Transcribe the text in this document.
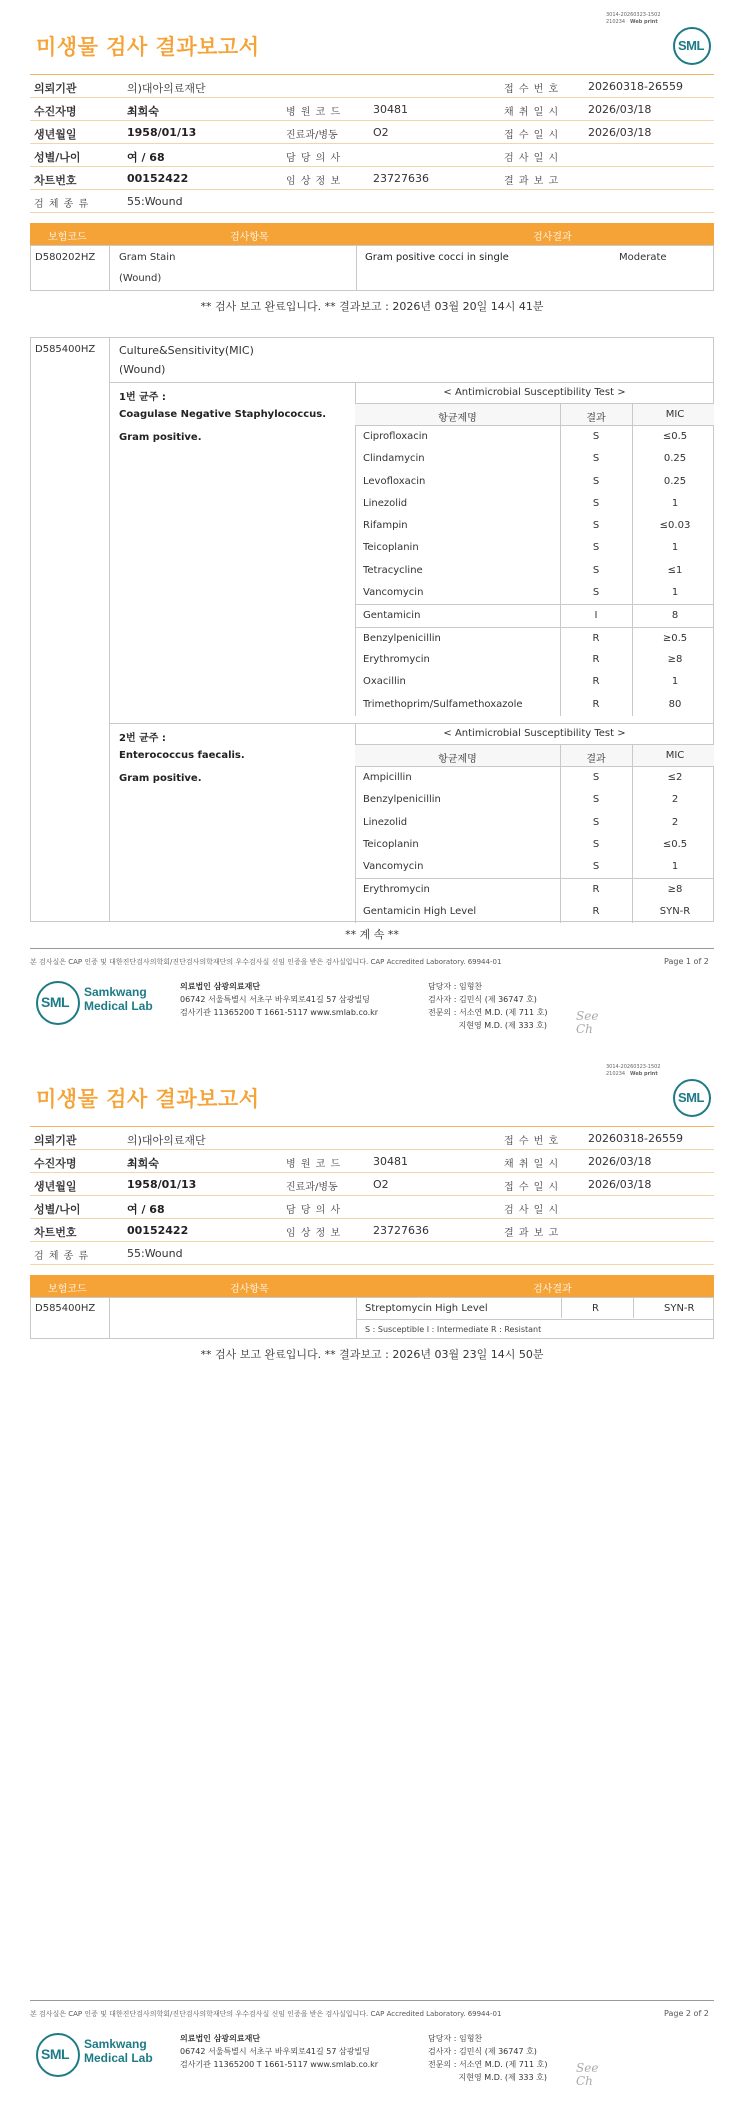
3014-20260323-1502
210234 Web print
미생물 검사 결과보고서	SML
의뢰기관	의)대아의료재단	접 수 번 호	20260318-26559
수진자명	최희숙	병 원 코 드	30481	채 취 일 시	2026/03/18
생년월일	1958/01/13	진료과/병동	O2	접 수 일 시	2026/03/18
성별/나이	여 / 68	담 당 의 사	검 사 일 시
차트번호	00152422	임 상 정 보	23727636	결 과 보 고
검 체 종 류	55:Wound
보험코드	검사항목	검사결과
D580202HZ Gram Stain
(Wound)
Gram positive cocci in single	Moderate
** 검사 보고 완료입니다. ** 결과보고 : 2026년 03월 20일 14시 41분
D585400HZ Culture&Sensitivity(MIC)
(Wound)
1번 균주 :
Coagulase Negative Staphylococcus.
Gram positive.
< Antimicrobial Susceptibility Test >
항균제명	결과	MIC
Ciprofloxacin	S	≤0.5
Clindamycin	S	0.25
Levofloxacin	S	0.25
Linezolid	S	1
Rifampin	S	≤0.03
Teicoplanin	S	1
Tetracycline	S	≤1
Vancomycin	S	1
Gentamicin	I	8
Benzylpenicillin	R	≥0.5
Erythromycin	R	≥8
Oxacillin	R	1
Trimethoprim/Sulfamethoxazole	R	80
2번 균주 :
Enterococcus faecalis.
Gram positive.
< Antimicrobial Susceptibility Test >
항균제명	결과	MIC
Ampicillin	S	≤2
Benzylpenicillin	S	2
Linezolid	S	2
Teicoplanin	S	≤0.5
Vancomycin	S	1
Erythromycin	R	≥8
Gentamicin High Level	R	SYN-R
** 계 속 **
본 검사실은 CAP 인증 및 대한진단검사의학회/진단검사의학재단의 우수검사실 신임 인증을 받은 검사실입니다. CAP Accredited Laboratory. 69944-01	Page 1 of 2
SML
Samkwang
Medical Lab
의료법인 삼광의료재단
06742 서울특별시 서초구 바우뫼로41길 57 삼광빌딩
검사기관 11365200 T 1661-5117 www.smlab.co.kr
담당자 : 임형찬
검사자 : 김민식 (제 36747 호)
전문의 : 서소연 M.D. (제 711 호)
지현영 M.D. (제 333 호)
See
Ch
3014-20260323-1502
210234 Web print
미생물 검사 결과보고서	SML
의뢰기관	의)대아의료재단	접 수 번 호	20260318-26559
수진자명	최희숙	병 원 코 드	30481	채 취 일 시	2026/03/18
생년월일	1958/01/13	진료과/병동	O2	접 수 일 시	2026/03/18
성별/나이	여 / 68	담 당 의 사	검 사 일 시
차트번호	00152422	임 상 정 보	23727636	결 과 보 고
검 체 종 류	55:Wound
보험코드	검사항목	검사결과
D585400HZ	Streptomycin High Level	R	SYN-R
S : Susceptible I : Intermediate R : Resistant
** 검사 보고 완료입니다. ** 결과보고 : 2026년 03월 23일 14시 50분
본 검사실은 CAP 인증 및 대한진단검사의학회/진단검사의학재단의 우수검사실 신임 인증을 받은 검사실입니다. CAP Accredited Laboratory. 69944-01	Page 2 of 2
SML
Samkwang
Medical Lab
의료법인 삼광의료재단
06742 서울특별시 서초구 바우뫼로41길 57 삼광빌딩
검사기관 11365200 T 1661-5117 www.smlab.co.kr
담당자 : 임형찬
검사자 : 김민식 (제 36747 호)
전문의 : 서소연 M.D. (제 711 호)
지현영 M.D. (제 333 호)
See
Ch
